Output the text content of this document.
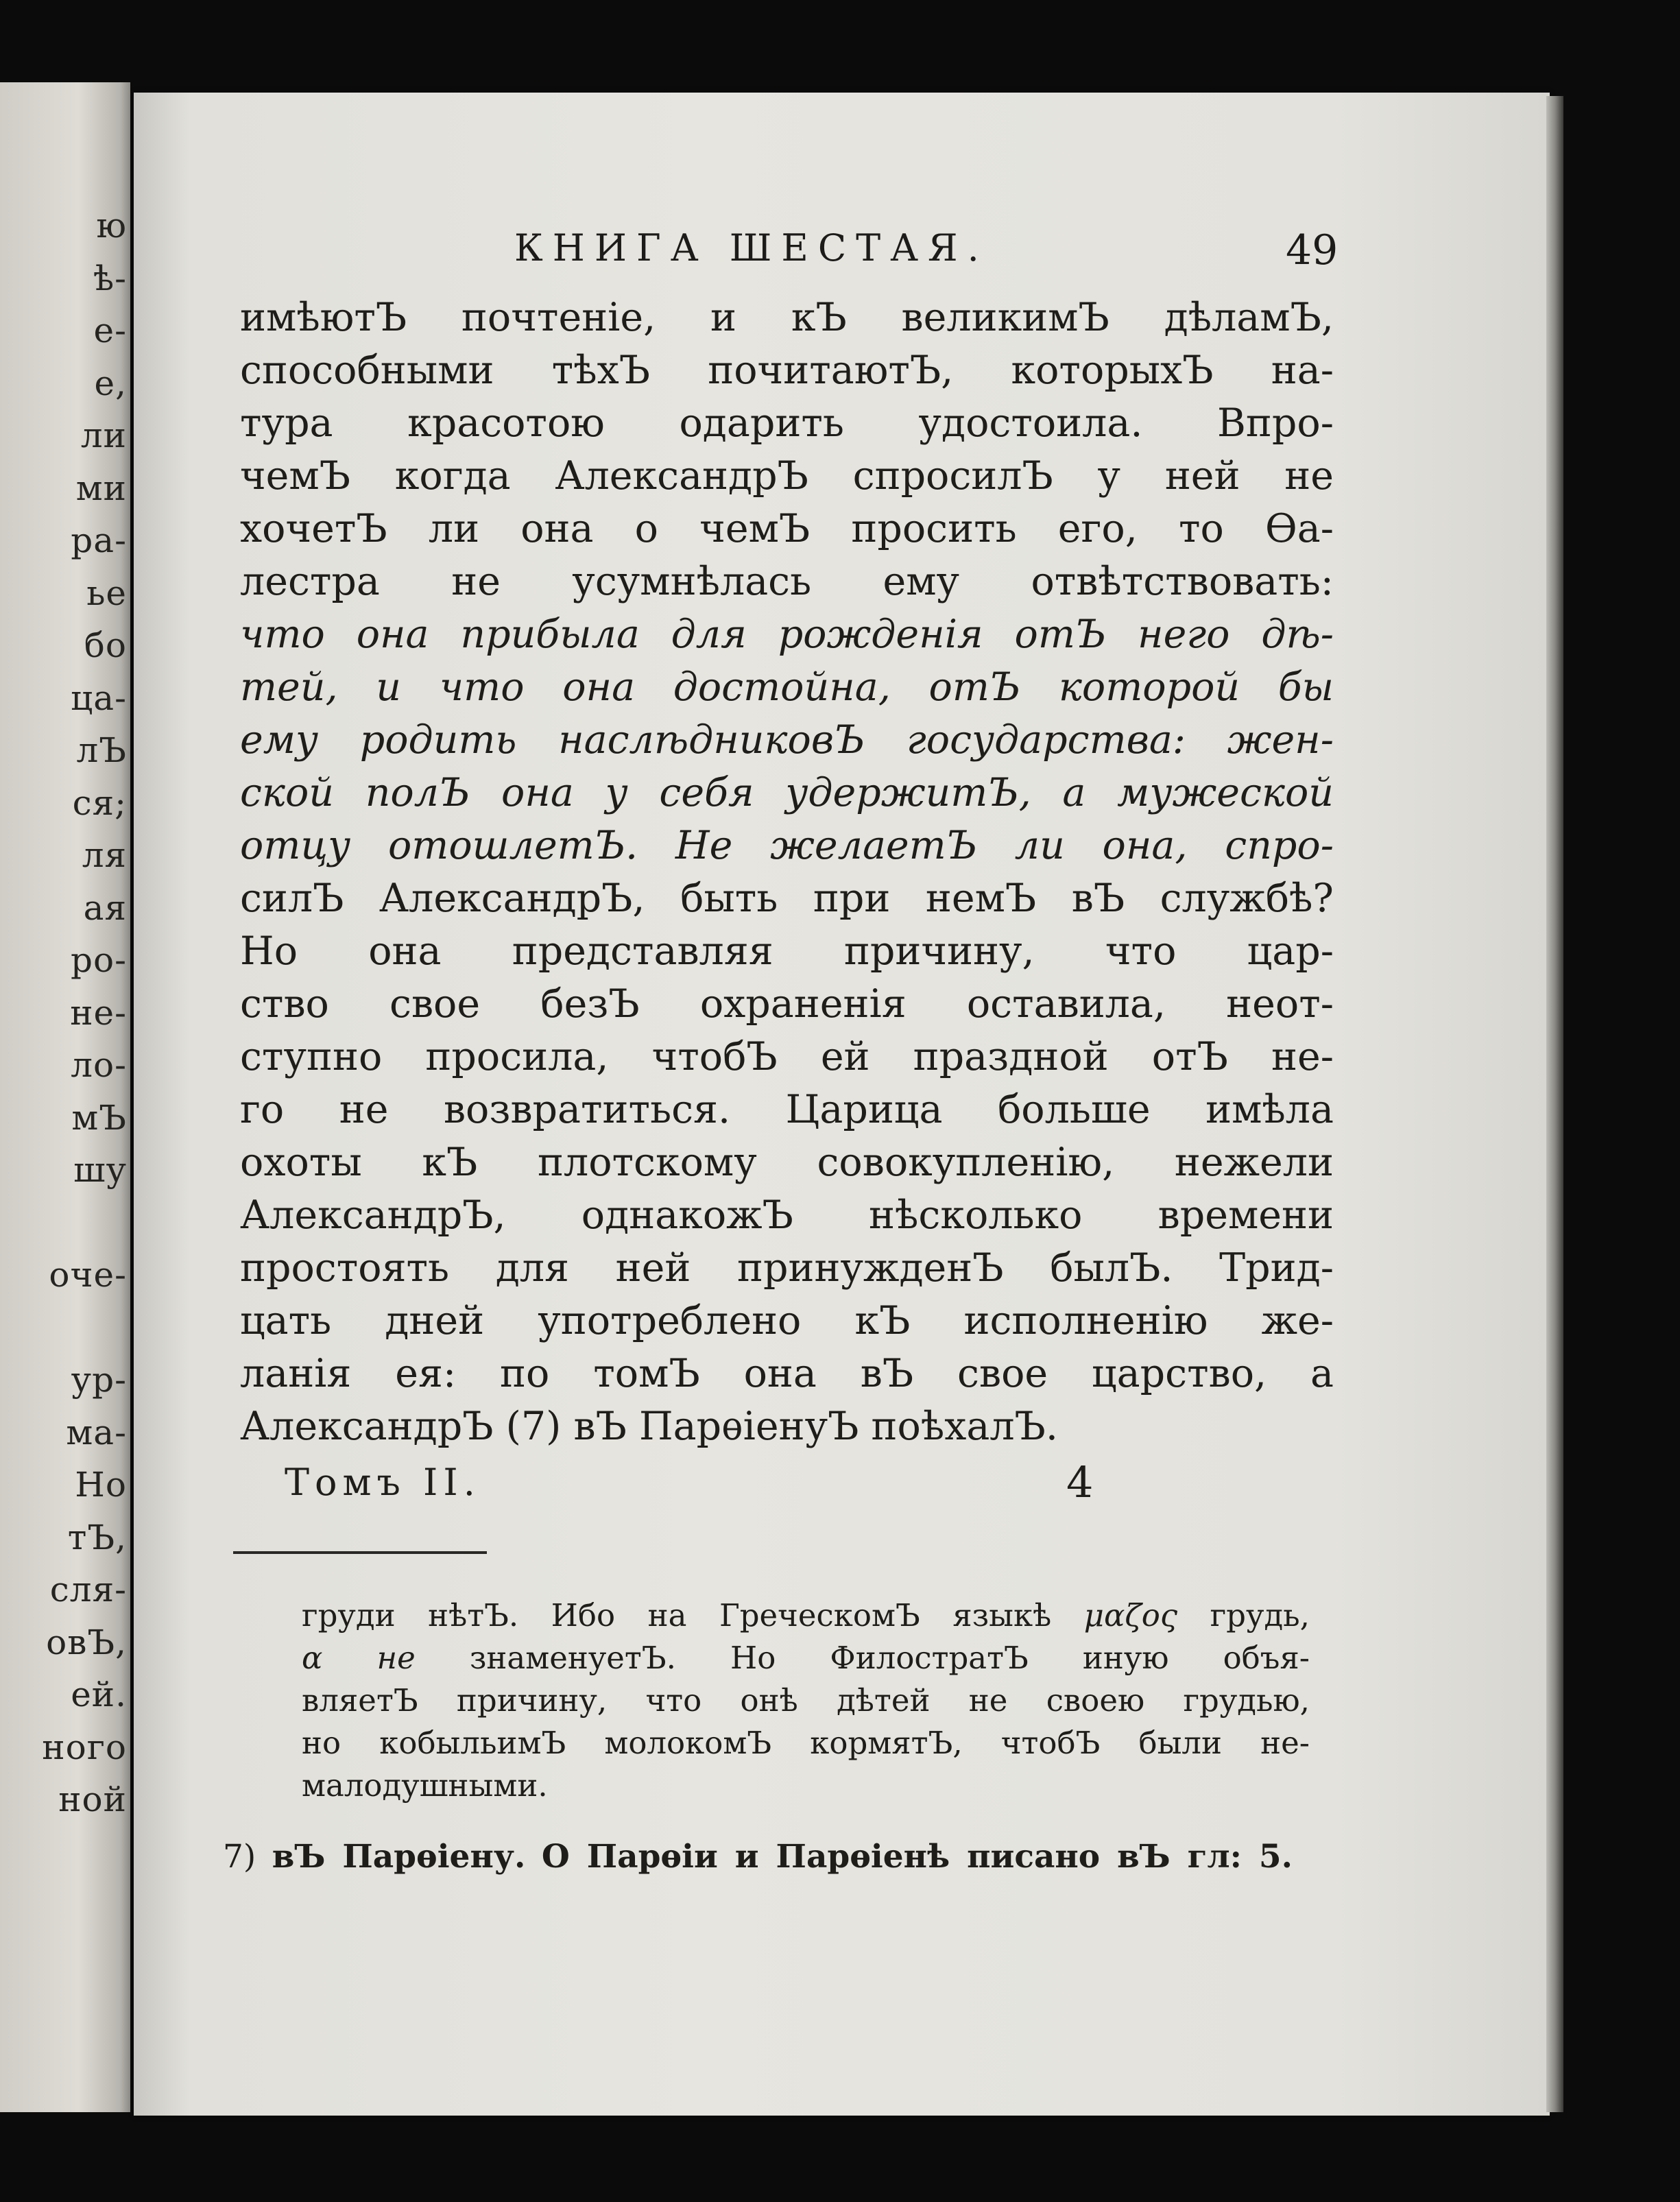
ю
ѣ-
е-
е,
ли
ми
ра-
ье
бо
ца-
лЪ
ся;
ля
ая
ро-
не-
ло-
мЪ
шу
оче-
ур-
ма-
Но
тЪ,
сля-
овЪ,
ей.
ного
ной
КНИГА ШЕСТАЯ.	49
имѣютЪ почтеніе, и кЪ великимЪ дѣламЪ,
способными тѣхЪ почитаютЪ, которыхЪ на-
тура красотою одарить удостоила. Впро-
чемЪ когда АлександрЪ спросилЪ у ней не
хочетЪ ли она о чемЪ просить его, то Ѳа-
лестра не усумнѣлась ему отвѣтствовать:
что она прибыла для рожденія отЪ него дѣ-
тей, и что она достойна, отЪ которой бы
ему родить наслѣдниковЪ государства: жен-
ской полЪ она у себя удержитЪ, а мужеской
отцу отошлетЪ. Не желаетЪ ли она, спро-
силЪ АлександрЪ, быть при немЪ вЪ службѣ?
Но она представляя причину, что цар-
ство свое безЪ охраненія оставила, неот-
ступно просила, чтобЪ ей праздной отЪ не-
го не возвратиться. Царица больше имѣла
охоты кЪ плотскому совокупленію, нежели
АлександрЪ, однакожЪ нѣсколько времени
простоять для ней принужденЪ былЪ. Трид-
цать дней употреблено кЪ исполненію же-
ланія ея: по томЪ она вЪ свое царство, а
АлександрЪ (7) вЪ ПарѳіенуЪ поѣхалЪ.
Томъ II.	4
груди нѣтЪ. Ибо на ГреческомЪ языкѣ μαζος грудь,
α не знаменуетЪ. Но ФилостратЪ иную объя-
вляетЪ причину, что онѣ дѣтей не своею грудью,
но кобыльимЪ молокомЪ кормятЪ, чтобЪ были не-
малодушными.
7) вЪ Парѳіену. О Парѳіи и Парѳіенѣ писано вЪ гл: 5.
